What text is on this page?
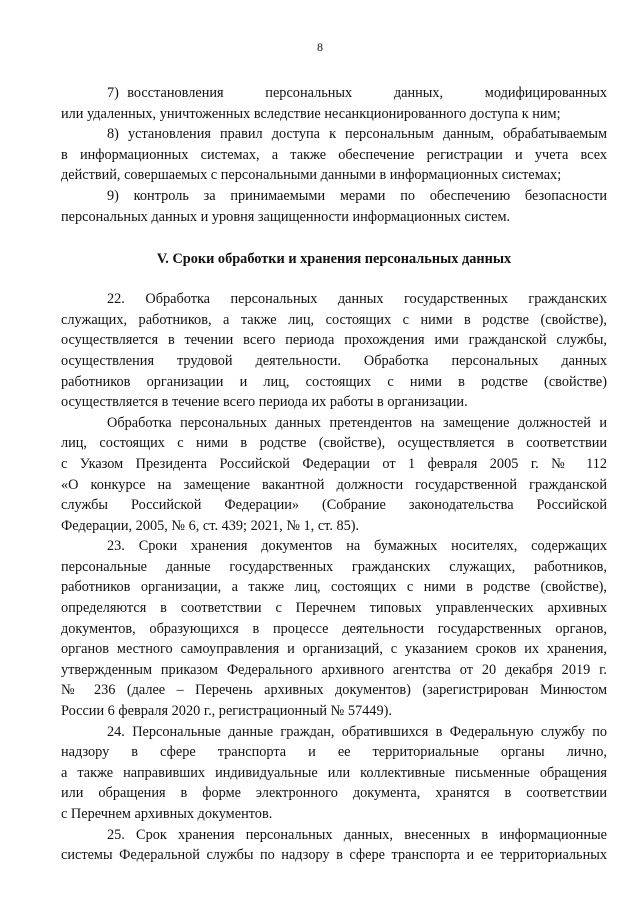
8
7) восстановления     персональных     данных,     модифицированных
или удаленных, уничтоженных вследствие несанкционированного доступа к ним;
8) установления правил доступа к персональным данным, обрабатываемым
в информационных системах, а также обеспечение регистрации и учета всех
действий, совершаемых с персональными данными в информационных системах;
9) контроль за принимаемыми мерами по обеспечению безопасности
персональных данных и уровня защищенности информационных систем.
V. Сроки обработки и хранения персональных данных
22. Обработка персональных данных государственных гражданских
служащих, работников, а также лиц, состоящих с ними в родстве (свойстве),
осуществляется в течении всего периода прохождения ими гражданской службы,
осуществления трудовой деятельности. Обработка персональных данных
работников организации и лиц, состоящих с ними в родстве (свойстве)
осуществляется в течение всего периода их работы в организации.
Обработка персональных данных претендентов на замещение должностей и
лиц, состоящих с ними в родстве (свойстве), осуществляется в соответствии
с Указом Президента Российской Федерации от 1 февраля 2005 г. № 112
«О конкурсе на замещение вакантной должности государственной гражданской
службы Российской Федерации» (Собрание законодательства Российской
Федерации, 2005, № 6, ст. 439; 2021, № 1, ст. 85).
23. Сроки хранения документов на бумажных носителях, содержащих
персональные данные государственных гражданских служащих, работников,
работников организации, а также лиц, состоящих с ними в родстве (свойстве),
определяются в соответствии с Перечнем типовых управленческих архивных
документов, образующихся в процессе деятельности государственных органов,
органов местного самоуправления и организаций, с указанием сроков их хранения,
утвержденным приказом Федерального архивного агентства от 20 декабря 2019 г.
№ 236 (далее – Перечень архивных документов) (зарегистрирован Минюстом
России 6 февраля 2020 г., регистрационный № 57449).
24. Персональные данные граждан, обратившихся в Федеральную службу по
надзору в сфере транспорта и ее территориальные органы лично,
а также направивших индивидуальные или коллективные письменные обращения
или обращения в форме электронного документа, хранятся в соответствии
с Перечнем архивных документов.
25. Срок хранения персональных данных, внесенных в информационные
системы Федеральной службы по надзору в сфере транспорта и ее территориальных
